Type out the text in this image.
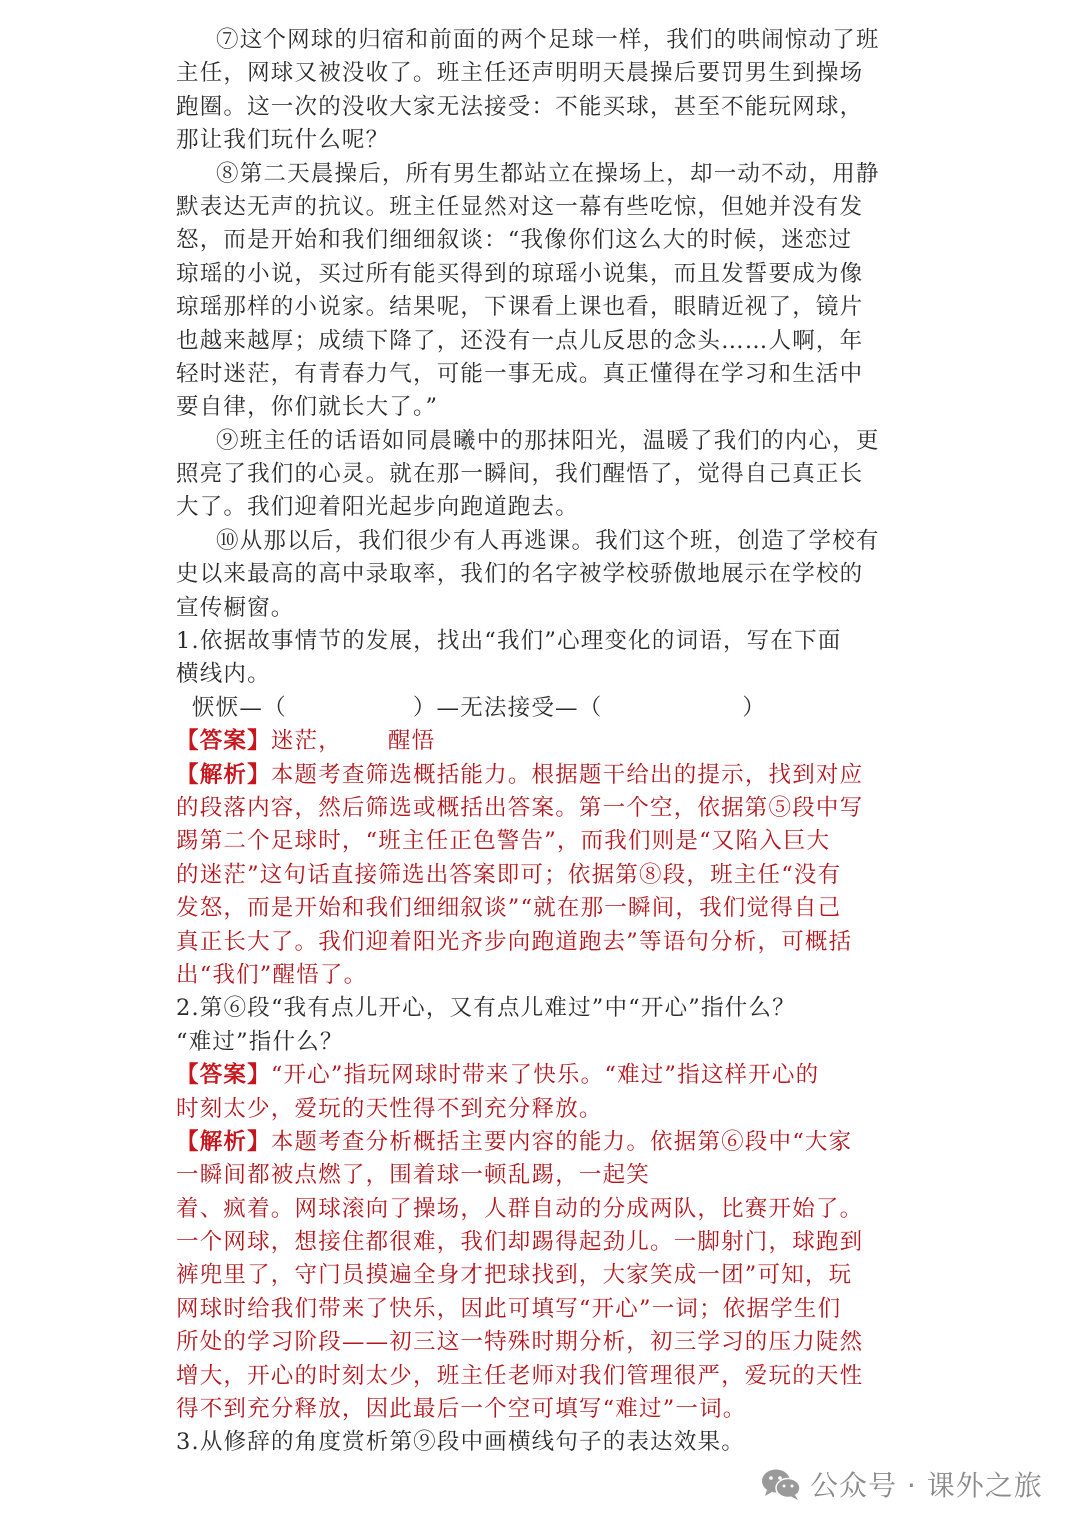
⑦这个网球的归宿和前面的两个足球一样，我们的哄闹惊动了班
主任，网球又被没收了。班主任还声明明天晨操后要罚男生到操场
跑圈。这一次的没收大家无法接受：不能买球，甚至不能玩网球，
那让我们玩什么呢？
⑧第二天晨操后，所有男生都站立在操场上，却一动不动，用静
默表达无声的抗议。班主任显然对这一幕有些吃惊，但她并没有发
怒，而是开始和我们细细叙谈：“我像你们这么大的时候，迷恋过
琼瑶的小说，买过所有能买得到的琼瑶小说集，而且发誓要成为像
琼瑶那样的小说家。结果呢，下课看上课也看，眼睛近视了，镜片
也越来越厚；成绩下降了，还没有一点儿反思的念头……人啊，年
轻时迷茫，有青春力气，可能一事无成。真正懂得在学习和生活中
要自律，你们就长大了。”
⑨班主任的话语如同晨曦中的那抹阳光，温暖了我们的内心，更
照亮了我们的心灵。就在那一瞬间，我们醒悟了，觉得自己真正长
大了。我们迎着阳光起步向跑道跑去。
⑩从那以后，我们很少有人再逃课。我们这个班，创造了学校有
史以来最高的高中录取率，我们的名字被学校骄傲地展示在学校的
宣传橱窗。
1.依据故事情节的发展，找出“我们”心理变化的词语，写在下面
横线内。
恹恹—（	）—无法接受—（	）
【答案】迷茫， 醒悟
【解析】本题考查筛选概括能力。根据题干给出的提示，找到对应
的段落内容，然后筛选或概括出答案。第一个空，依据第⑤段中写
踢第二个足球时，“班主任正色警告”，而我们则是“又陷入巨大
的迷茫”这句话直接筛选出答案即可；依据第⑧段，班主任“没有
发怒，而是开始和我们细细叙谈”“就在那一瞬间，我们觉得自己
真正长大了。我们迎着阳光齐步向跑道跑去”等语句分析，可概括
出“我们”醒悟了。
2.第⑥段“我有点儿开心，又有点儿难过”中“开心”指什么？
“难过”指什么？
【答案】“开心”指玩网球时带来了快乐。“难过”指这样开心的
时刻太少，爱玩的天性得不到充分释放。
【解析】本题考查分析概括主要内容的能力。依据第⑥段中“大家
一瞬间都被点燃了，围着球一顿乱踢，一起笑
着、疯着。网球滚向了操场，人群自动的分成两队，比赛开始了。
一个网球，想接住都很难，我们却踢得起劲儿。一脚射门，球跑到
裤兜里了，守门员摸遍全身才把球找到，大家笑成一团”可知，玩
网球时给我们带来了快乐，因此可填写“开心”一词；依据学生们
所处的学习阶段——初三这一特殊时期分析，初三学习的压力陡然
增大，开心的时刻太少，班主任老师对我们管理很严，爱玩的天性
得不到充分释放，因此最后一个空可填写“难过”一词。
3.从修辞的角度赏析第⑨段中画横线句子的表达效果。
公众号 · 课外之旅
